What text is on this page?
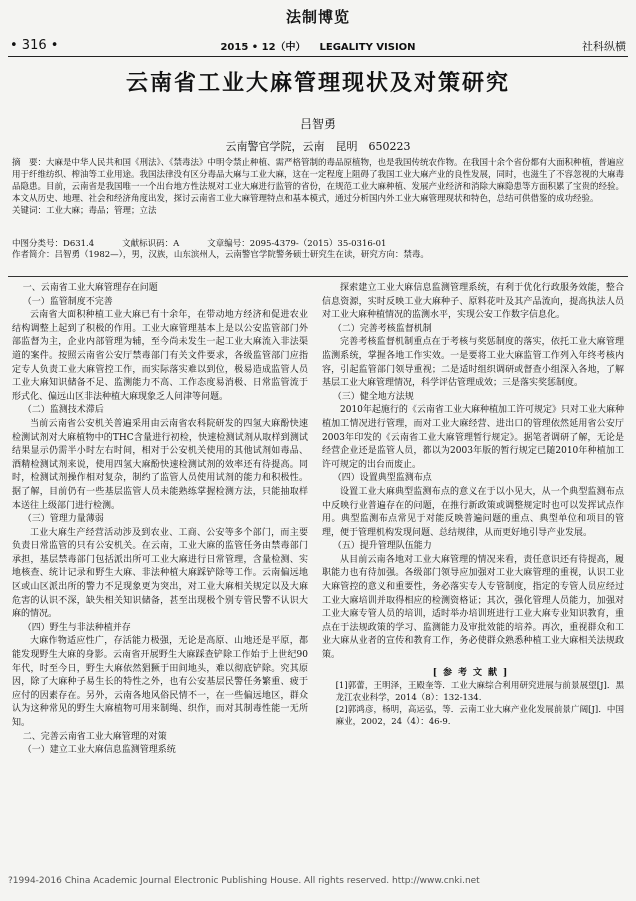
法制博览
• 316 •	2015 • 12（中） LEGALITY VISION	社科纵横
云南省工业大麻管理现状及对策研究
吕智勇
云南警官学院，云南　昆明　650223
摘　要：大麻是中华人民共和国《刑法》、《禁毒法》中明令禁止种植、需严格管制的毒品原植物，也是我国传统农作物。在我国十余个省份都有大面积种植，普遍应用于纤维纺织、榨油等工业用途。我国法律没有区分毒品大麻与工业大麻，这在一定程度上阻碍了我国工业大麻产业的良性发展，同时，也滋生了不容忽视的大麻毒品隐患。目前，云南省是我国唯一一个出台地方性法规对工业大麻进行监管的省份，在规范工业大麻种植、发展产业经济和消除大麻隐患等方面积累了宝贵的经验。本文从历史、地理、社会和经济角度出发，探讨云南省工业大麻管理特点和基本模式，通过分析国内外工业大麻管理现状和特色，总结可供借鉴的成功经验。
关键词：工业大麻；毒品；管理；立法
中图分类号：D631.4	文献标识码：A	文章编号：2095-4379-（2015）35-0316-01
作者简介：吕智勇（1982—），男，汉族，山东滨州人，云南警官学院警务硕士研究生在读，研究方向：禁毒。

一、云南省工业大麻管理存在问题

（一）监管制度不完善

云南省大面积种植工业大麻已有十余年，在带动地方经济和促进农业结构调整上起到了积极的作用。工业大麻管理基本上是以公安监管部门外部监督为主，企业内部管理为辅，至今尚未发生一起工业大麻流入非法渠道的案件。按照云南省公安厅禁毒部门有关文件要求，各级监管部门应指定专人负责工业大麻管控工作，而实际落实难以到位，极易造成监管人员工业大麻知识储备不足、监测能力不高、工作态度易消极、日常监管流于形式化、偏远山区非法种植大麻现象乏人问津等问题。

（二）监测技术滞后

当前云南省公安机关普遍采用由云南省农科院研发的四氢大麻酚快速检测试剂对大麻植物中的THC含量进行初检，快速检测试剂从取样到测试结果显示仍需半小时左右时间，相对于公安机关使用的其他试剂如毒品、酒精检测试剂来说，使用四氢大麻酚快速检测试剂的效率还有待提高。同时，检测试剂操作相对复杂，制约了监管人员使用试剂的能力和积极性。据了解，目前仍有一些基层监管人员未能熟练掌握检测方法，只能抽取样本送往上级部门进行检测。

（三）管理力量薄弱

工业大麻生产经营活动涉及到农业、工商、公安等多个部门，而主要负责日常监管的只有公安机关。在云南，工业大麻的监管任务由禁毒部门承担，基层禁毒部门包括派出所可工业大麻进行日常管理，含量检测、实地核查、统计记录和野生大麻、非法种植大麻踩铲除等工作。云南偏远地区或山区派出所的警力不足现象更为突出，对工业大麻相关规定以及大麻危害的认识不深，缺失相关知识储备，甚至出现极个别专管民警不认识大麻的情况。

（四）野生与非法种植并存

大麻作物适应性广，存活能力极强，无论是高原、山地还是平原，都能发现野生大麻的身影。云南省开展野生大麻踩查铲除工作始于上世纪90年代，时至今日，野生大麻依然猖獗于田间地头，难以彻底铲除。究其原因，除了大麻种子易生长的特性之外，也有公安基层民警任务繁重、疲于应付的因素存在。另外，云南各地风俗民情不一，在一些偏远地区，群众认为这种常见的野生大麻植物可用来制绳、织作，而对其制毒性能一无所知。

二、完善云南省工业大麻管理的对策

（一）建立工业大麻信息监测管理系统

探索建立工业大麻信息监测管理系统，有利于优化行政服务效能，整合信息资源，实时反映工业大麻种子、原料花叶及其产品流向，提高执法人员对工业大麻种植情况的监测水平，实现公安工作数字信息化。

（二）完善考核监督机制

完善考核监督机制重点在于考核与奖惩制度的落实，依托工业大麻管理监测系统，掌握各地工作实效。一是要将工业大麻监管工作列入年终考核内容，引起监管部门领导重视；二是适时组织调研或督查小组深入各地，了解基层工业大麻管理情况，科学评估管理成效；三是落实奖惩制度。

（三）健全地方法规

2010年起施行的《云南省工业大麻种植加工许可规定》只对工业大麻种植加工情况进行管理，而对工业大麻经营、进出口的管理依然延用省公安厅2003年印发的《云南省工业大麻管理暂行规定》。据笔者调研了解，无论是经营企业还是监管人员，都以为2003年版的暂行规定已随2010年种植加工许可规定的出台而废止。

（四）设置典型监测布点

设置工业大麻典型监测布点的意义在于以小见大，从一个典型监测布点中反映行业普遍存在的问题，在推行新政策或调整规定时也可以发挥试点作用。典型监测布点常见于对能反映普遍问题的重点、典型单位和项目的管理，便于管理机构发现问题、总结规律，从而更好地引导产业发展。

（五）提升管理队伍能力

从目前云南各地对工业大麻管理的情况来看，责任意识还有待提高，履职能力也有待加强。各级部门领导应加强对工业大麻管理的重视，认识工业大麻管控的意义和重要性，务必落实专人专管制度，指定的专管人员应经过工业大麻培训并取得相应的检测资格证；其次，强化管理人员能力，加强对工业大麻专管人员的培训，适时举办培训班进行工业大麻专业知识教育，重点在于法规政策的学习、监测能力及审批效能的培养。再次，重视群众和工业大麻从业者的宣传和教育工作，务必使群众熟悉种植工业大麻相关法规政策。

[参考文献]

[1]郭蕾，王明泽，王殿奎等．工业大麻综合利用研究进展与前景展望[J]．黑龙江农业科学，2014（8）：132-134.

[2]郭鸿彦，杨明，高运弘，等．云南工业大麻产业化发展前景广阔[J]．中国麻业，2002，24（4）：46-9.

?1994-2016 China Academic Journal Electronic Publishing House. All rights reserved. http://www.cnki.net
